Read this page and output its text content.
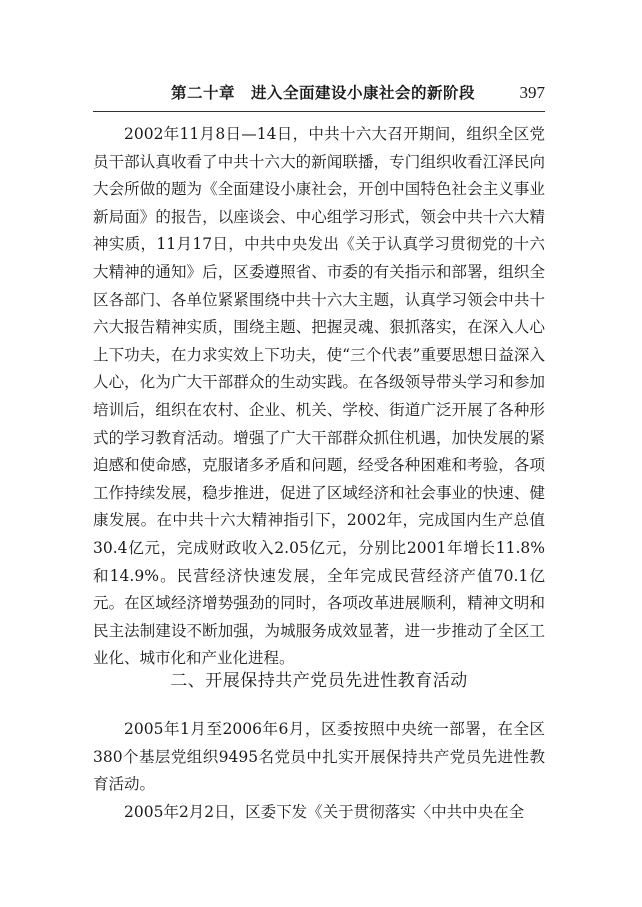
第二十章　进入全面建设小康社会的新阶段	397

2002年11月8日—14日，中共十六大召开期间，组织全区党员干部认真收看了中共十六大的新闻联播，专门组织收看江泽民向大会所做的题为《全面建设小康社会，开创中国特色社会主义事业新局面》的报告，以座谈会、中心组学习形式，领会中共十六大精神实质，11月17日，中共中央发出《关于认真学习贯彻党的十六大精神的通知》后，区委遵照省、市委的有关指示和部署，组织全区各部门、各单位紧紧围绕中共十六大主题，认真学习领会中共十六大报告精神实质，围绕主题、把握灵魂、狠抓落实，在深入人心上下功夫，在力求实效上下功夫，使“三个代表”重要思想日益深入人心，化为广大干部群众的生动实践。在各级领导带头学习和参加培训后，组织在农村、企业、机关、学校、街道广泛开展了各种形式的学习教育活动。增强了广大干部群众抓住机遇，加快发展的紧迫感和使命感，克服诸多矛盾和问题，经受各种困难和考验，各项工作持续发展，稳步推进，促进了区域经济和社会事业的快速、健康发展。在中共十六大精神指引下，2002年，完成国内生产总值30.4亿元，完成财政收入2.05亿元，分别比2001年增长11.8%和14.9%。民营经济快速发展，全年完成民营经济产值70.1亿元。在区域经济增势强劲的同时，各项改革进展顺利，精神文明和民主法制建设不断加强，为城服务成效显著，进一步推动了全区工业化、城市化和产业化进程。

二、开展保持共产党员先进性教育活动

2005年1月至2006年6月，区委按照中央统一部署，在全区380个基层党组织9495名党员中扎实开展保持共产党员先进性教育活动。

2005年2月2日，区委下发《关于贯彻落实〈中共中央在全
